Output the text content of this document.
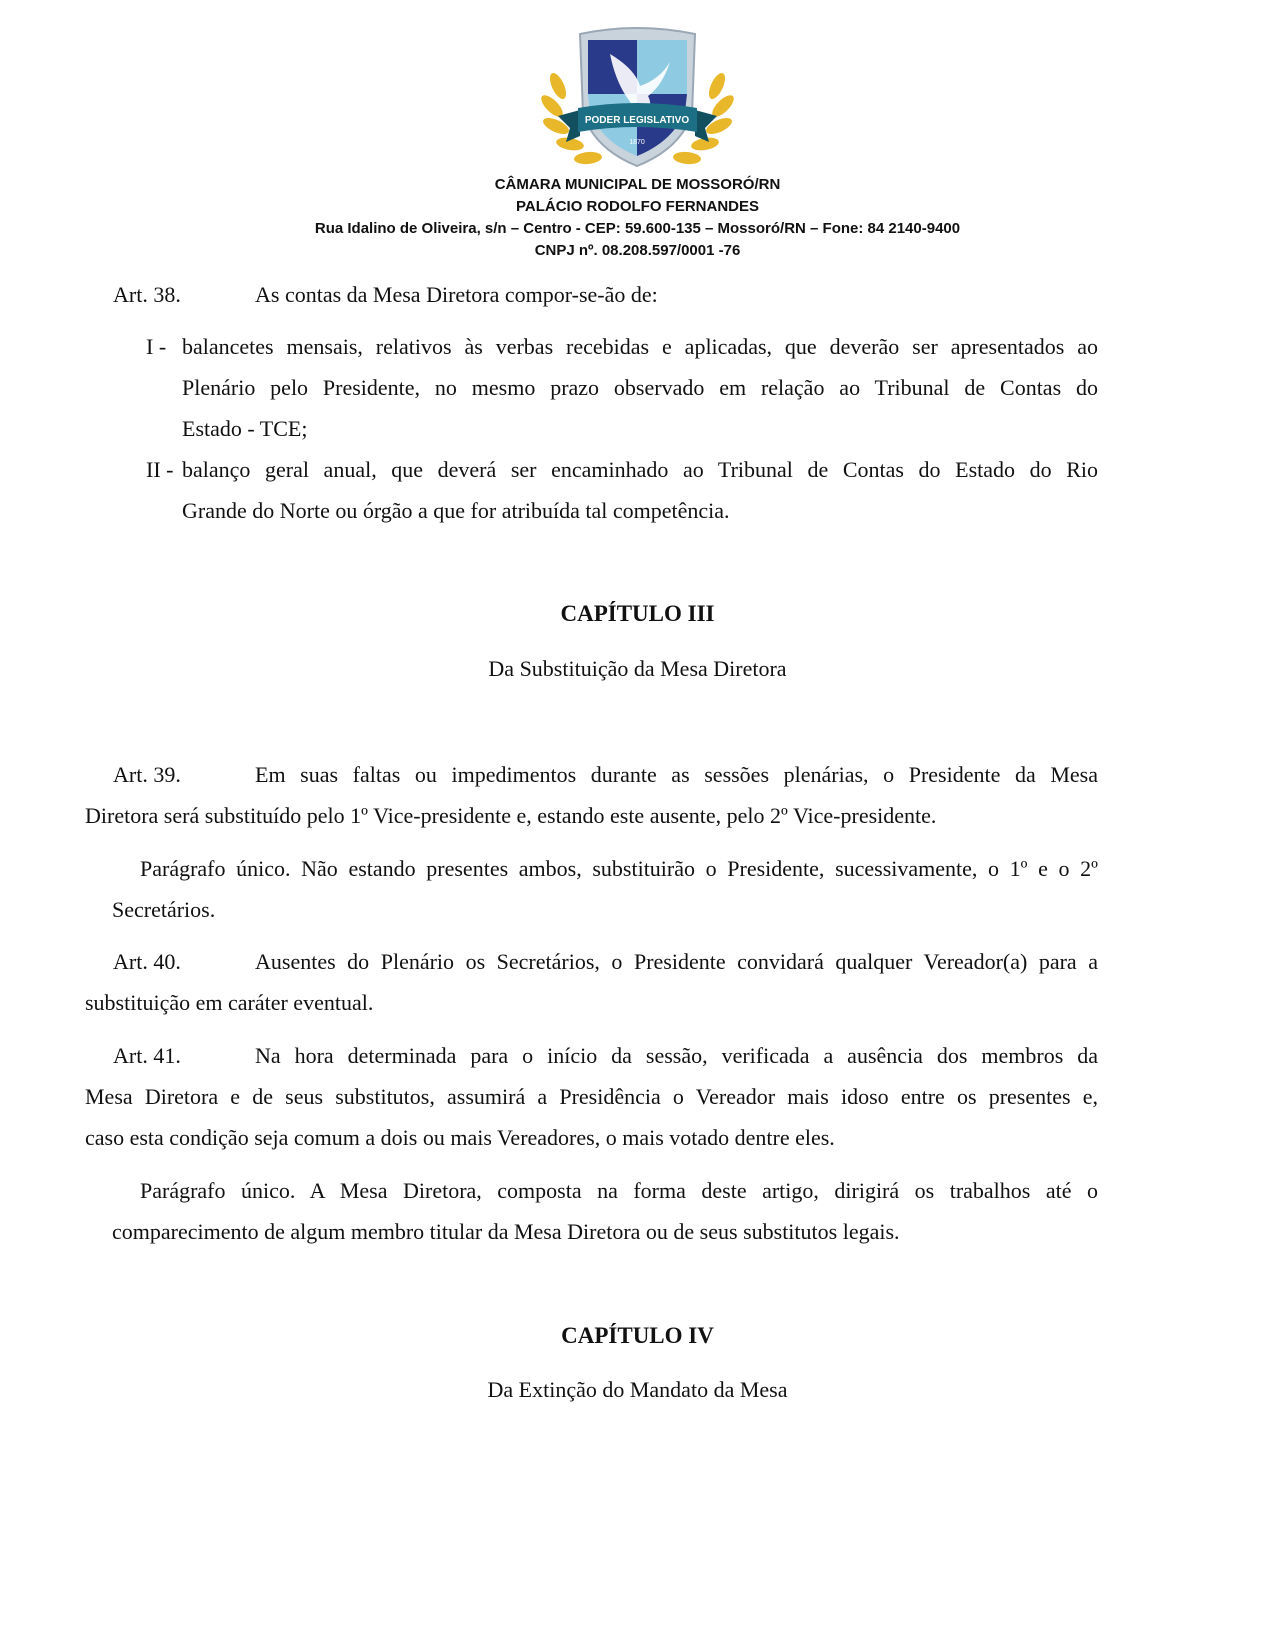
PODER LEGISLATIVO
1870
CÂMARA MUNICIPAL DE MOSSORÓ/RN
PALÁCIO RODOLFO FERNANDES
Rua Idalino de Oliveira, s/n – Centro - CEP: 59.600-135 – Mossoró/RN – Fone: 84 2140-9400
CNPJ nº. 08.208.597/0001 -76
Art. 38.	As contas da Mesa Diretora compor-se-ão de:
I - balancetes mensais, relativos às verbas recebidas e aplicadas, que deverão ser apresentados ao
Plenário pelo Presidente, no mesmo prazo observado em relação ao Tribunal de Contas do
Estado - TCE;
II - balanço geral anual, que deverá ser encaminhado ao Tribunal de Contas do Estado do Rio
Grande do Norte ou órgão a que for atribuída tal competência.
CAPÍTULO III
Da Substituição da Mesa Diretora
Art. 39.	Em suas faltas ou impedimentos durante as sessões plenárias, o Presidente da Mesa
Diretora será substituído pelo 1º Vice-presidente e, estando este ausente, pelo 2º Vice-presidente.
Parágrafo único. Não estando presentes ambos, substituirão o Presidente, sucessivamente, o 1º e o 2º
Secretários.
Art. 40.	Ausentes do Plenário os Secretários, o Presidente convidará qualquer Vereador(a) para a
substituição em caráter eventual.
Art. 41.	Na hora determinada para o início da sessão, verificada a ausência dos membros da
Mesa Diretora e de seus substitutos, assumirá a Presidência o Vereador mais idoso entre os presentes e,
caso esta condição seja comum a dois ou mais Vereadores, o mais votado dentre eles.
Parágrafo único. A Mesa Diretora, composta na forma deste artigo, dirigirá os trabalhos até o
comparecimento de algum membro titular da Mesa Diretora ou de seus substitutos legais.
CAPÍTULO IV
Da Extinção do Mandato da Mesa
